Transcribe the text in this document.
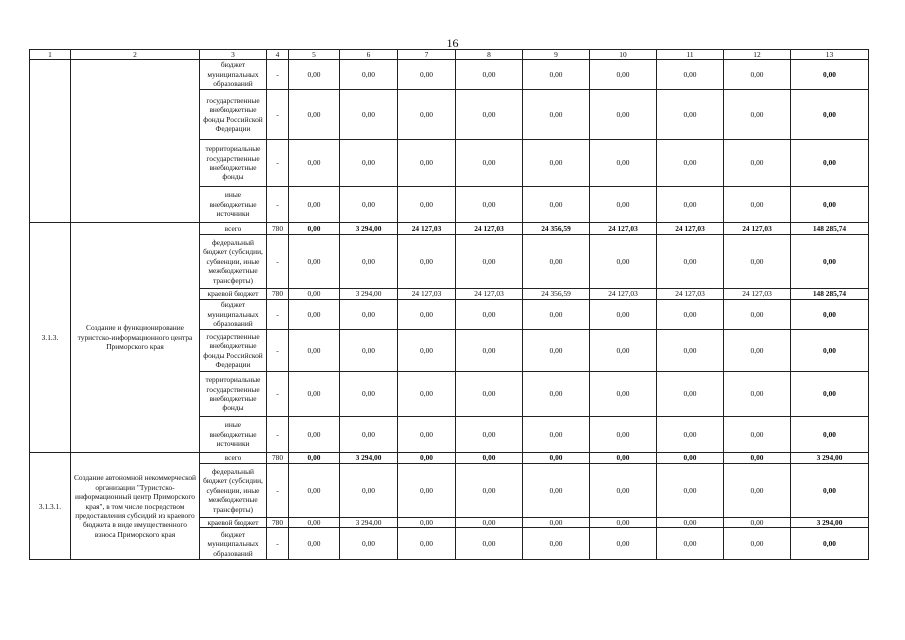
16
1	2	3	4	5	6	7	8	9	10	11	12	13
		бюджет муниципальных образований	-	0,00	0,00	0,00	0,00	0,00	0,00	0,00	0,00	0,00
		государственные внебюджетные фонды Российской Федерации	-	0,00	0,00	0,00	0,00	0,00	0,00	0,00	0,00	0,00
		территориальные государственные внебюджетные фонды	-	0,00	0,00	0,00	0,00	0,00	0,00	0,00	0,00	0,00
		иные внебюджетные источники	-	0,00	0,00	0,00	0,00	0,00	0,00	0,00	0,00	0,00
3.1.3.	Создание и функционирование туристско-информационного центра Приморского края	всего	780	0,00	3 294,00	24 127,03	24 127,03	24 356,59	24 127,03	24 127,03	24 127,03	148 285,74
		федеральный бюджет (субсидии, субвенции, иные межбюджетные трансферты)	-	0,00	0,00	0,00	0,00	0,00	0,00	0,00	0,00	0,00
		краевой бюджет	780	0,00	3 294,00	24 127,03	24 127,03	24 356,59	24 127,03	24 127,03	24 127,03	148 285,74
		бюджет муниципальных образований	-	0,00	0,00	0,00	0,00	0,00	0,00	0,00	0,00	0,00
		государственные внебюджетные фонды Российской Федерации	-	0,00	0,00	0,00	0,00	0,00	0,00	0,00	0,00	0,00
		территориальные государственные внебюджетные фонды	-	0,00	0,00	0,00	0,00	0,00	0,00	0,00	0,00	0,00
		иные внебюджетные источники	-	0,00	0,00	0,00	0,00	0,00	0,00	0,00	0,00	0,00
3.1.3.1.	Создание автономной некоммерческой организации "Туристско-информационный центр Приморского края", в том числе посредством предоставления субсидий из краевого бюджета в виде имущественного взноса Приморского края	всего	780	0,00	3 294,00	0,00	0,00	0,00	0,00	0,00	0,00	3 294,00
		федеральный бюджет (субсидии, субвенции, иные межбюджетные трансферты)	-	0,00	0,00	0,00	0,00	0,00	0,00	0,00	0,00	0,00
		краевой бюджет	780	0,00	3 294,00	0,00	0,00	0,00	0,00	0,00	0,00	3 294,00
		бюджет муниципальных образований	-	0,00	0,00	0,00	0,00	0,00	0,00	0,00	0,00	0,00
